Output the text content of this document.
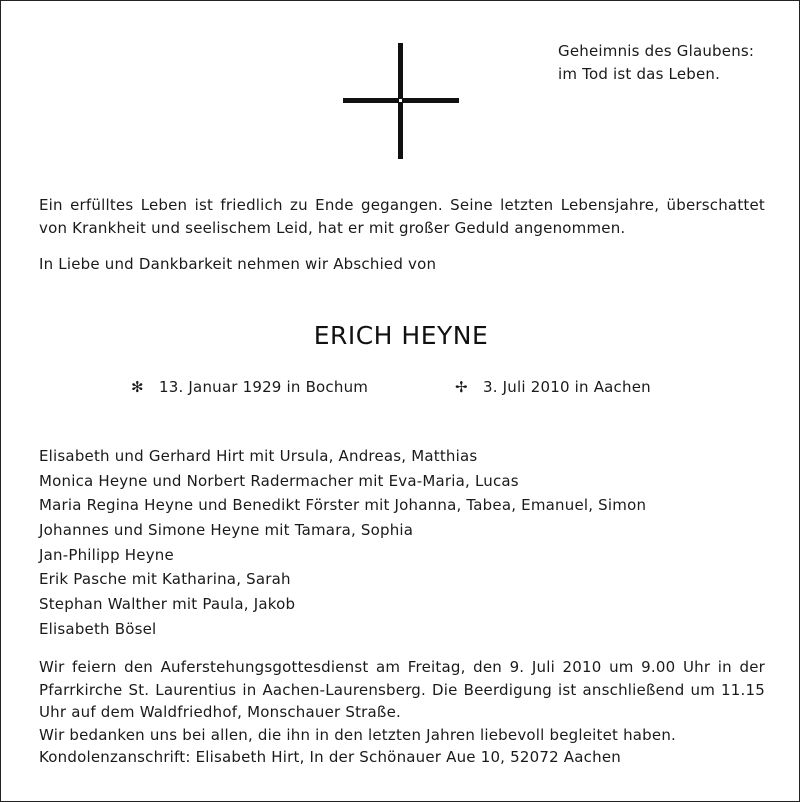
Geheimnis des Glaubens:
im Tod ist das Leben.
Ein erfülltes Leben ist friedlich zu Ende gegangen. Seine letzten Lebensjahre, überschattet von Krankheit und seelischem Leid, hat er mit großer Geduld angenommen.
In Liebe und Dankbarkeit nehmen wir Abschied von
ERICH HEYNE
✻ 13. Januar 1929 in Bochum	✢ 3. Juli 2010 in Aachen
Elisabeth und Gerhard Hirt mit Ursula, Andreas, Matthias
Monica Heyne und Norbert Radermacher mit Eva-Maria, Lucas
Maria Regina Heyne und Benedikt Förster mit Johanna, Tabea, Emanuel, Simon
Johannes und Simone Heyne mit Tamara, Sophia
Jan-Philipp Heyne
Erik Pasche mit Katharina, Sarah
Stephan Walther mit Paula, Jakob
Elisabeth Bösel

Wir feiern den Auferstehungsgottesdienst am Freitag, den 9. Juli 2010 um 9.00 Uhr in der Pfarrkirche St. Laurentius in Aachen-Laurensberg. Die Beerdigung ist anschließend um 11.15 Uhr auf dem Waldfriedhof, Monschauer Straße.

Wir bedanken uns bei allen, die ihn in den letzten Jahren liebevoll begleitet haben.

Kondolenzanschrift: Elisabeth Hirt, In der Schönauer Aue 10, 52072 Aachen
